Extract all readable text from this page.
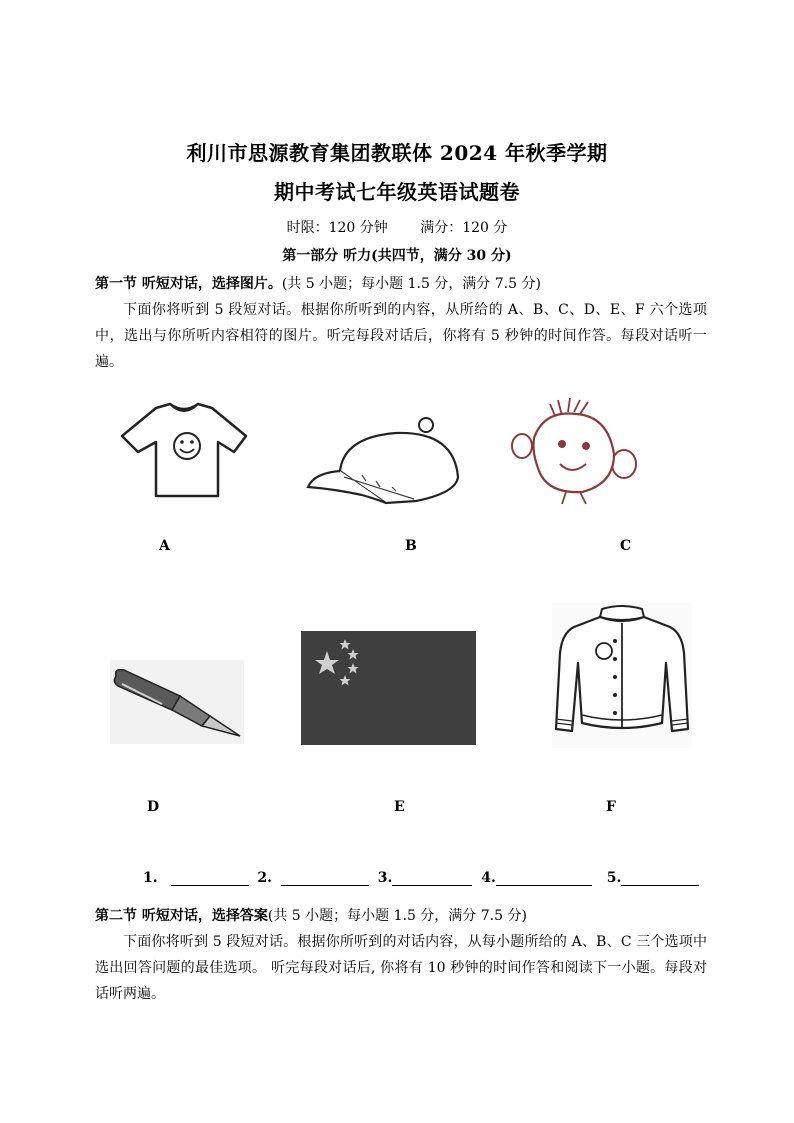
利川市思源教育集团教联体 2024 年秋季学期
期中考试七年级英语试题卷
时限：120 分钟 满分：120 分
第一部分 听力(共四节，满分 30 分)
第一节 听短对话，选择图片。(共 5 小题；每小题 1.5 分，满分 7.5 分)
下面你将听到 5 段短对话。根据你所听到的内容，从所给的 A、B、C、D、E、F 六个选项中，选出与你所听内容相符的图片。听完每段对话后，你将有 5 秒钟的时间作答。每段对话听一遍。
A	B	C
D	E	F
1.	2.	3.	4.	5.
第二节 听短对话，选择答案(共 5 小题；每小题 1.5 分，满分 7.5 分)
下面你将听到 5 段短对话。根据你所听到的对话内容，从每小题所给的 A、B、C 三个选项中选出回答问题的最佳选项。 听完每段对话后, 你将有 10 秒钟的时间作答和阅读下一小题。每段对话听两遍。
